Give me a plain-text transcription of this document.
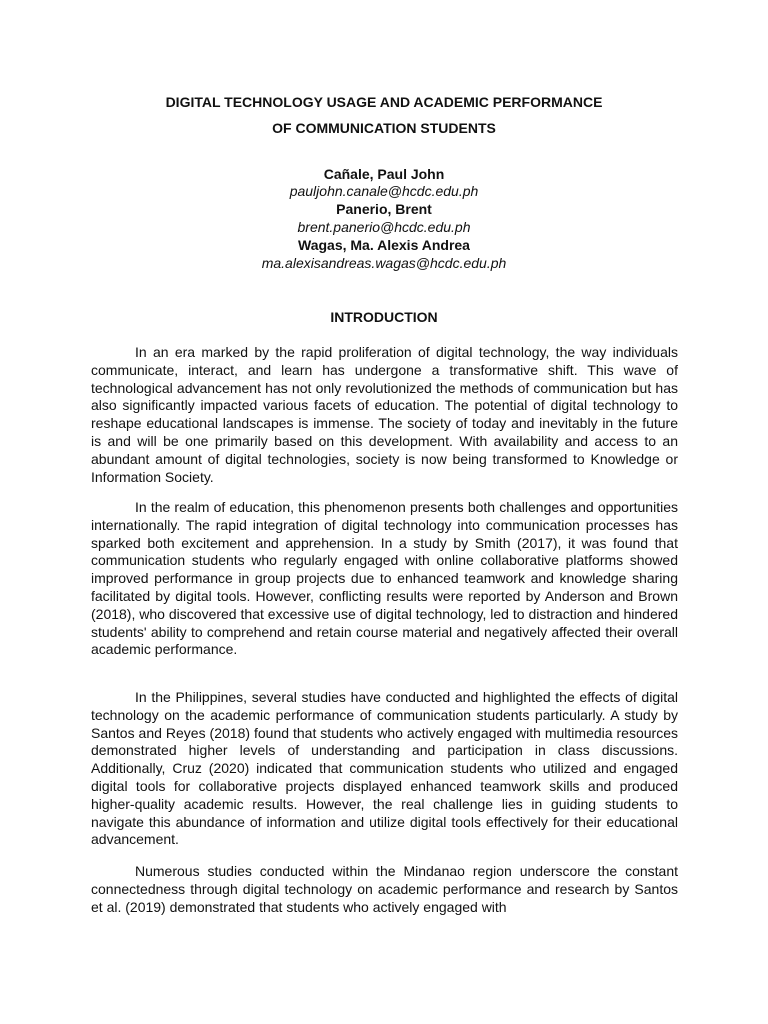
DIGITAL TECHNOLOGY USAGE AND ACADEMIC PERFORMANCE

OF COMMUNICATION STUDENTS

Cañale, Paul John

pauljohn.canale@hcdc.edu.ph

Panerio, Brent

brent.panerio@hcdc.edu.ph

Wagas, Ma. Alexis Andrea

ma.alexisandreas.wagas@hcdc.edu.ph

INTRODUCTION

In an era marked by the rapid proliferation of digital technology, the way individuals communicate, interact, and learn has undergone a transformative shift. This wave of technological advancement has not only revolutionized the methods of communication but has also significantly impacted various facets of education. The potential of digital technology to reshape educational landscapes is immense. The society of today and inevitably in the future is and will be one primarily based on this development. With availability and access to an abundant amount of digital technologies, society is now being transformed to Knowledge or Information Society.

In the realm of education, this phenomenon presents both challenges and opportunities internationally. The rapid integration of digital technology into communication processes has sparked both excitement and apprehension. In a study by Smith (2017), it was found that communication students who regularly engaged with online collaborative platforms showed improved performance in group projects due to enhanced teamwork and knowledge sharing facilitated by digital tools. However, conflicting results were reported by Anderson and Brown (2018), who discovered that excessive use of digital technology, led to distraction and hindered students' ability to comprehend and retain course material and negatively affected their overall academic performance.

In the Philippines, several studies have conducted and highlighted the effects of digital technology on the academic performance of communication students particularly. A study by Santos and Reyes (2018) found that students who actively engaged with multimedia resources demonstrated higher levels of understanding and participation in class discussions. Additionally, Cruz (2020) indicated that communication students who utilized and engaged digital tools for collaborative projects displayed enhanced teamwork skills and produced higher-quality academic results. However, the real challenge lies in guiding students to navigate this abundance of information and utilize digital tools effectively for their educational advancement.

Numerous studies conducted within the Mindanao region underscore the constant connectedness through digital technology on academic performance and research by Santos et al. (2019) demonstrated that students who actively engaged with
